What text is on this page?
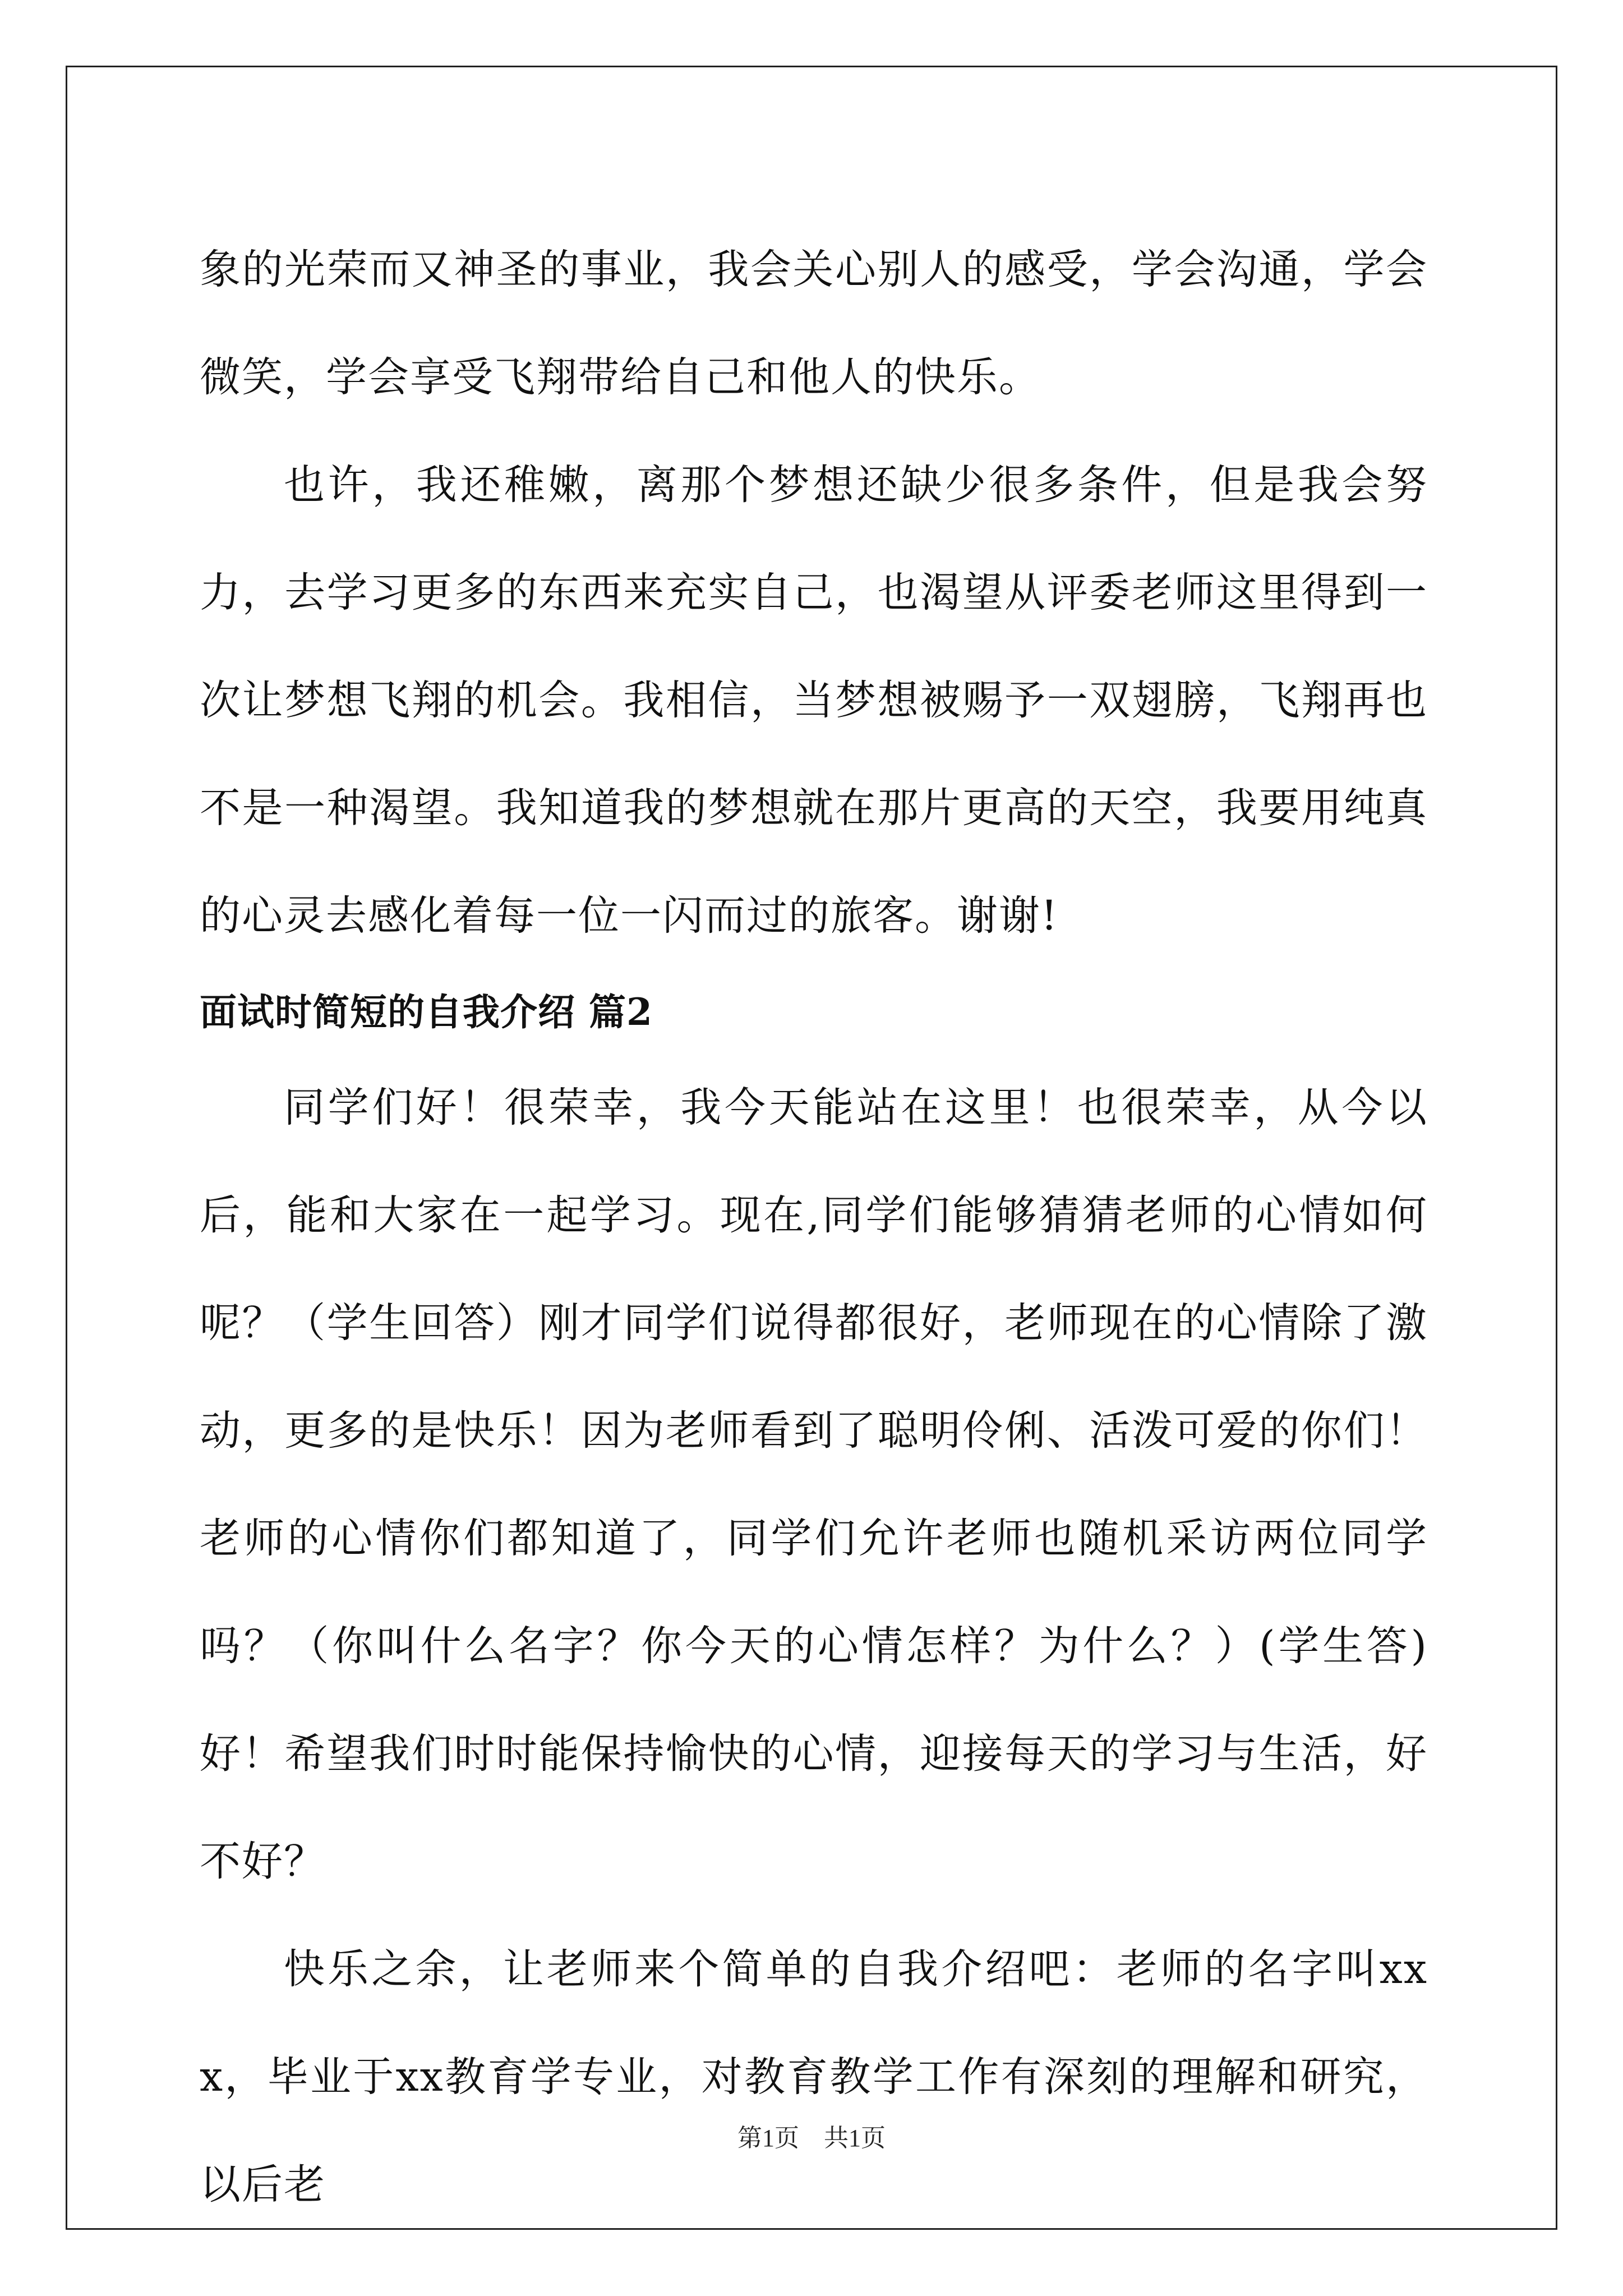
象的光荣而又神圣的事业，我会关心别人的感受，学会沟通，学会微笑，学会享受飞翔带给自己和他人的快乐。

也许，我还稚嫩，离那个梦想还缺少很多条件，但是我会努力，去学习更多的东西来充实自己，也渴望从评委老师这里得到一次让梦想飞翔的机会。我相信，当梦想被赐予一双翅膀，飞翔再也不是一种渴望。我知道我的梦想就在那片更高的天空，我要用纯真的心灵去感化着每一位一闪而过的旅客。谢谢!

面试时简短的自我介绍 篇2

同学们好！很荣幸，我今天能站在这里！也很荣幸，从今以后，能和大家在一起学习。现在,同学们能够猜猜老师的心情如何呢？（学生回答）刚才同学们说得都很好，老师现在的心情除了激动，更多的是快乐！因为老师看到了聪明伶俐、活泼可爱的你们！老师的心情你们都知道了，同学们允许老师也随机采访两位同学吗？（你叫什么名字？你今天的心情怎样？为什么？）(学生答)好！希望我们时时能保持愉快的心情，迎接每天的学习与生活，好不好？

快乐之余，让老师来个简单的自我介绍吧：老师的名字叫xxx，毕业于xx教育学专业，对教育教学工作有深刻的理解和研究，以后老

第1页　共1页
